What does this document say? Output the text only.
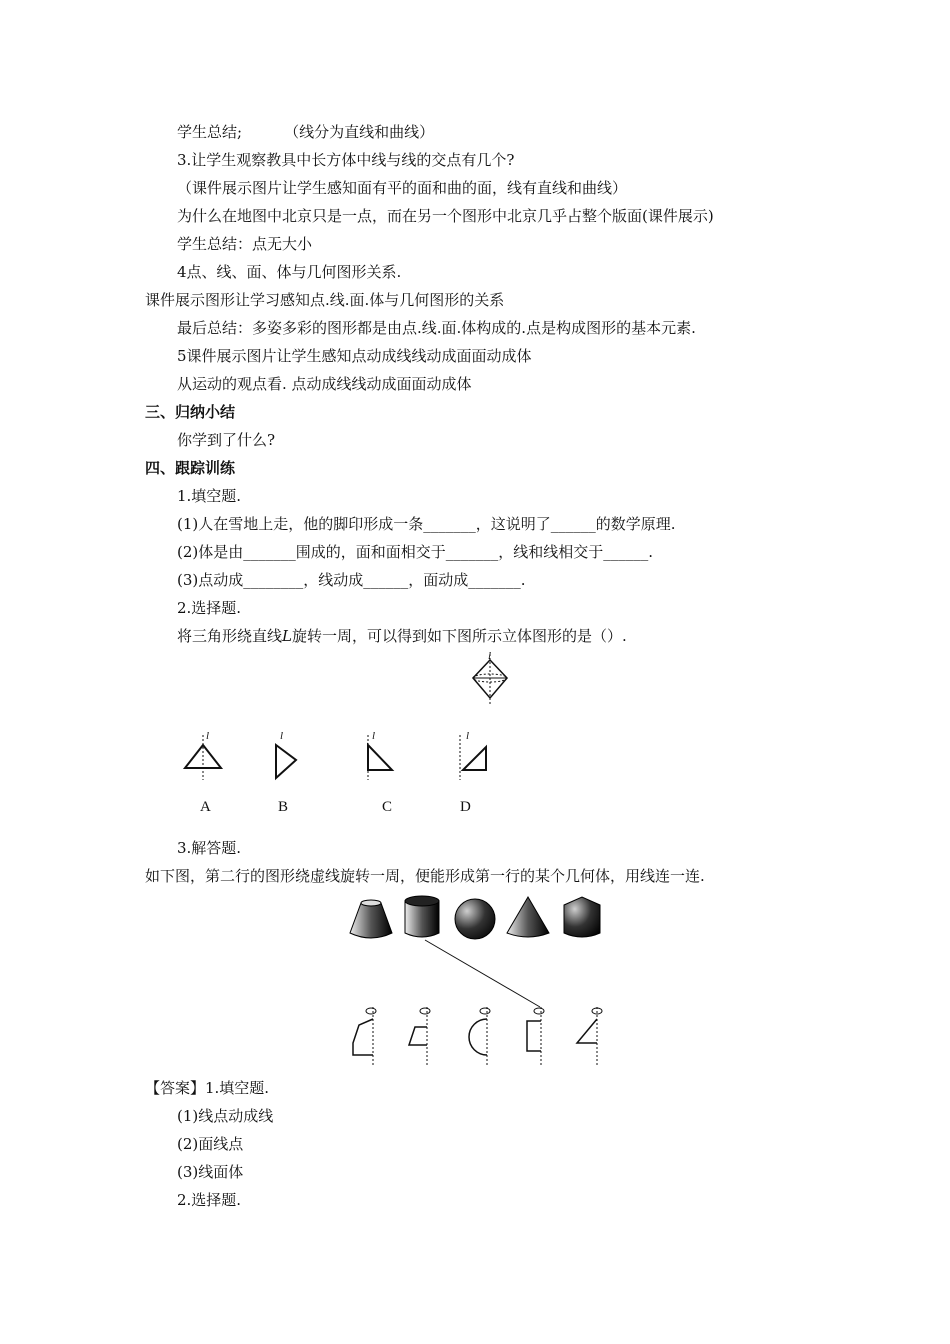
学生总结;	（线分为直线和曲线）
3.让学生观察教具中长方体中线与线的交点有几个?
（课件展示图片让学生感知面有平的面和曲的面，线有直线和曲线）
为什么在地图中北京只是一点，而在另一个图形中北京几乎占整个版面(课件展示)
学生总结：点无大小
4点、线、面、体与几何图形关系.
课件展示图形让学习感知点.线.面.体与几何图形的关系
最后总结：多姿多彩的图形都是由点.线.面.体构成的.点是构成图形的基本元素.
5课件展示图片让学生感知点动成线线动成面面动成体
从运动的观点看. 点动成线线动成面面动成体
三、归纳小结
你学到了什么?
四、跟踪训练
1.填空题.
(1)人在雪地上走，他的脚印形成一条_______，这说明了______的数学原理.
(2)体是由_______围成的，面和面相交于_______，线和线相交于______.
(3)点动成________，线动成______，面动成_______.
2.选择题.
将三角形绕直线L旋转一周，可以得到如下图所示立体图形的是（）.
l
l	l	l	l
A	B	C	D
3.解答题.
如下图，第二行的图形绕虚线旋转一周，便能形成第一行的某个几何体，用线连一连.
【答案】1.填空题.
(1)线点动成线
(2)面线点
(3)线面体
2.选择题.
